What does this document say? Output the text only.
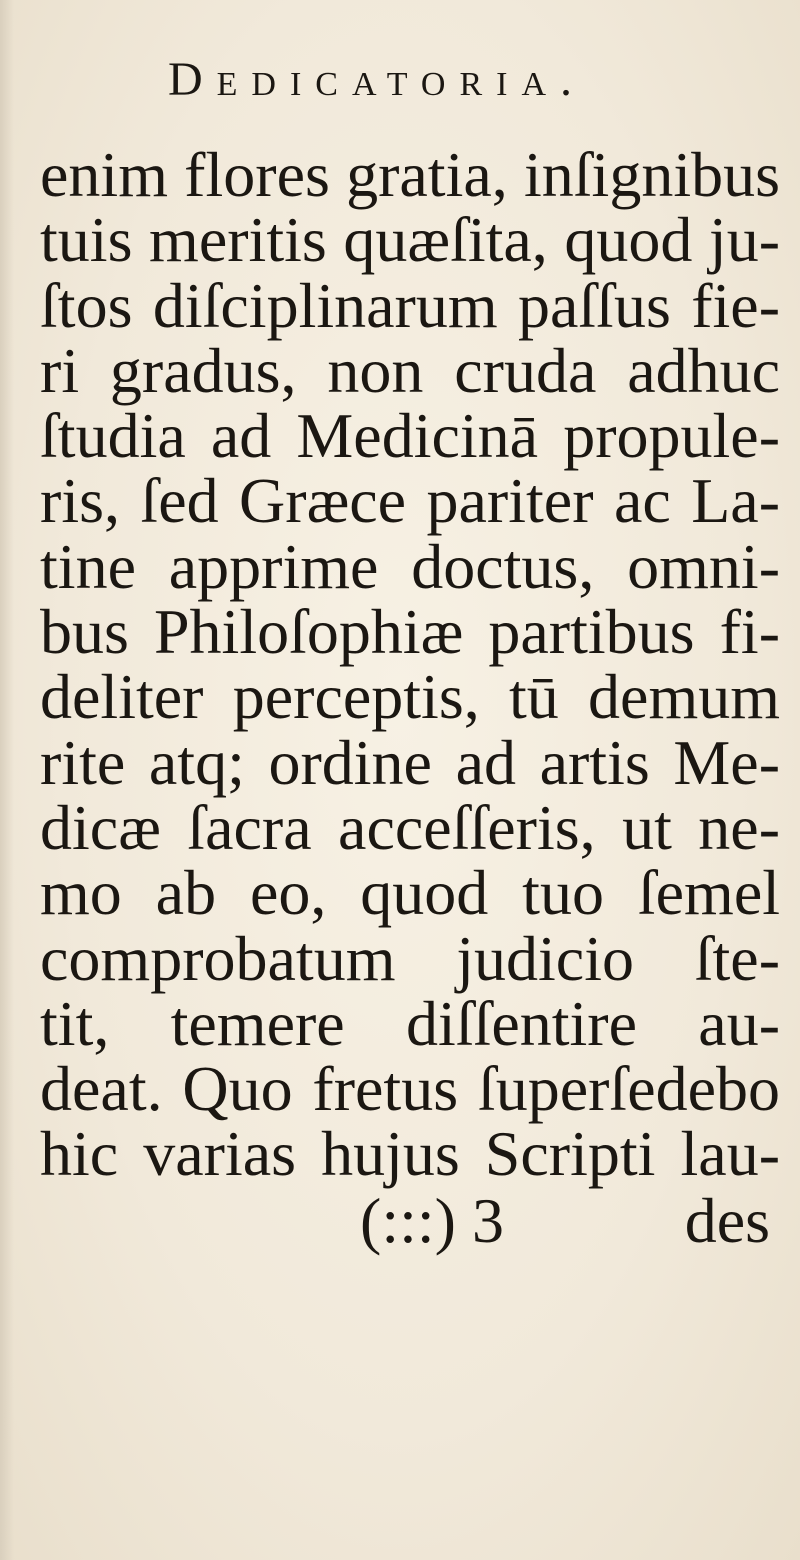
Dedicatoria.
enim flores gratia, inſignibus
tuis meritis quæſita, quod ju-
ſtos diſciplinarum paſſus fie-
ri gradus, non cruda adhuc
ſtudia ad Medicinā propule-
ris, ſed Græce pariter ac La-
tine apprime doctus, omni-
bus Philoſophiæ partibus fi-
deliter perceptis, tū demum
rite atq; ordine ad artis Me-
dicæ ſacra acceſſeris, ut ne-
mo ab eo, quod tuo ſemel
comprobatum judicio ſte-
tit, temere diſſentire au-
deat. Quo fretus ſuperſedebo
hic varias hujus Scripti lau-
(:::) 3	des
